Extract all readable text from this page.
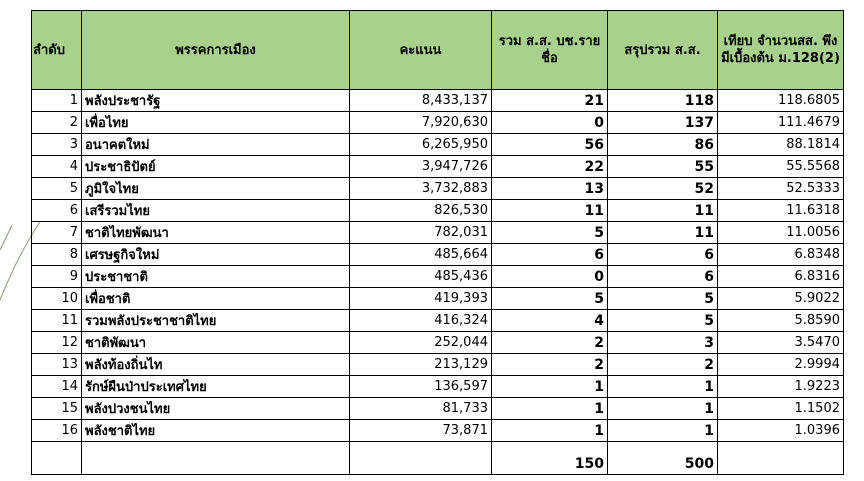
ลำดับ	พรรคการเมือง	คะแนน	รวม ส.ส. บช.รายชื่อ	สรุปรวม ส.ส.	เทียบ จำนวนสส. พึงมีเบื้องต้น ม.128(2)
1	พลังประชารัฐ	8,433,137	21	118	118.6805
2	เพื่อไทย	7,920,630	0	137	111.4679
3	อนาคตใหม่	6,265,950	56	86	88.1814
4	ประชาธิปัตย์	3,947,726	22	55	55.5568
5	ภูมิใจไทย	3,732,883	13	52	52.5333
6	เสรีรวมไทย	826,530	11	11	11.6318
7	ชาติไทยพัฒนา	782,031	5	11	11.0056
8	เศรษฐกิจใหม่	485,664	6	6	6.8348
9	ประชาชาติ	485,436	0	6	6.8316
10	เพื่อชาติ	419,393	5	5	5.9022
11	รวมพลังประชาชาติไทย	416,324	4	5	5.8590
12	ชาติพัฒนา	252,044	2	3	3.5470
13	พลังท้องถิ่นไท	213,129	2	2	2.9994
14	รักษ์ผืนป่าประเทศไทย	136,597	1	1	1.9223
15	พลังปวงชนไทย	81,733	1	1	1.1502
16	พลังชาติไทย	73,871	1	1	1.0396
			150	500	
